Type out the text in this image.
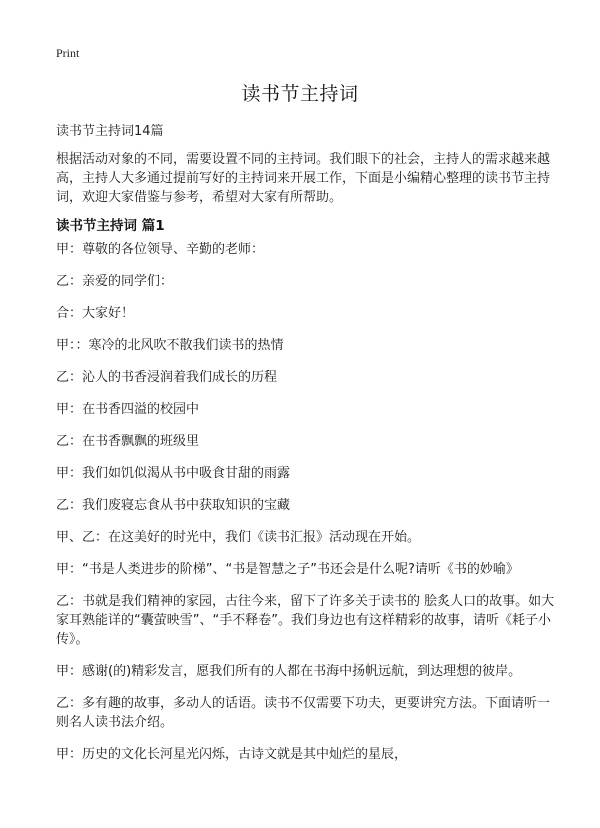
Print
读书节主持词
读书节主持词14篇
根据活动对象的不同，需要设置不同的主持词。我们眼下的社会，主持人的需求越来越高，主持人大多通过提前写好的主持词来开展工作，下面是小编精心整理的读书节主持词，欢迎大家借鉴与参考，希望对大家有所帮助。
读书节主持词 篇1
甲：尊敬的各位领导、辛勤的老师：
乙：亲爱的同学们：
合：大家好！
甲：：寒冷的北风吹不散我们读书的热情
乙：沁人的书香浸润着我们成长的历程
甲：在书香四溢的校园中
乙：在书香飘飘的班级里
甲：我们如饥似渴从书中吸食甘甜的雨露
乙：我们废寝忘食从书中获取知识的宝藏
甲、乙：在这美好的时光中，我们《读书汇报》活动现在开始。
甲：“书是人类进步的阶梯”、“书是智慧之子”书还会是什么呢?请听《书的妙喻》
乙：书就是我们精神的家园，古往今来，留下了许多关于读书的 脍炙人口的故事。如大家耳熟能详的“囊萤映雪”、“手不释卷”。我们身边也有这样精彩的故事，请听《耗子小传》。
甲：感谢(的)精彩发言，愿我们所有的人都在书海中扬帆远航，到达理想的彼岸。
乙：多有趣的故事，多动人的话语。读书不仅需要下功夫，更要讲究方法。下面请听一则名人读书法介绍。
甲：历史的文化长河星光闪烁，古诗文就是其中灿烂的星辰，
